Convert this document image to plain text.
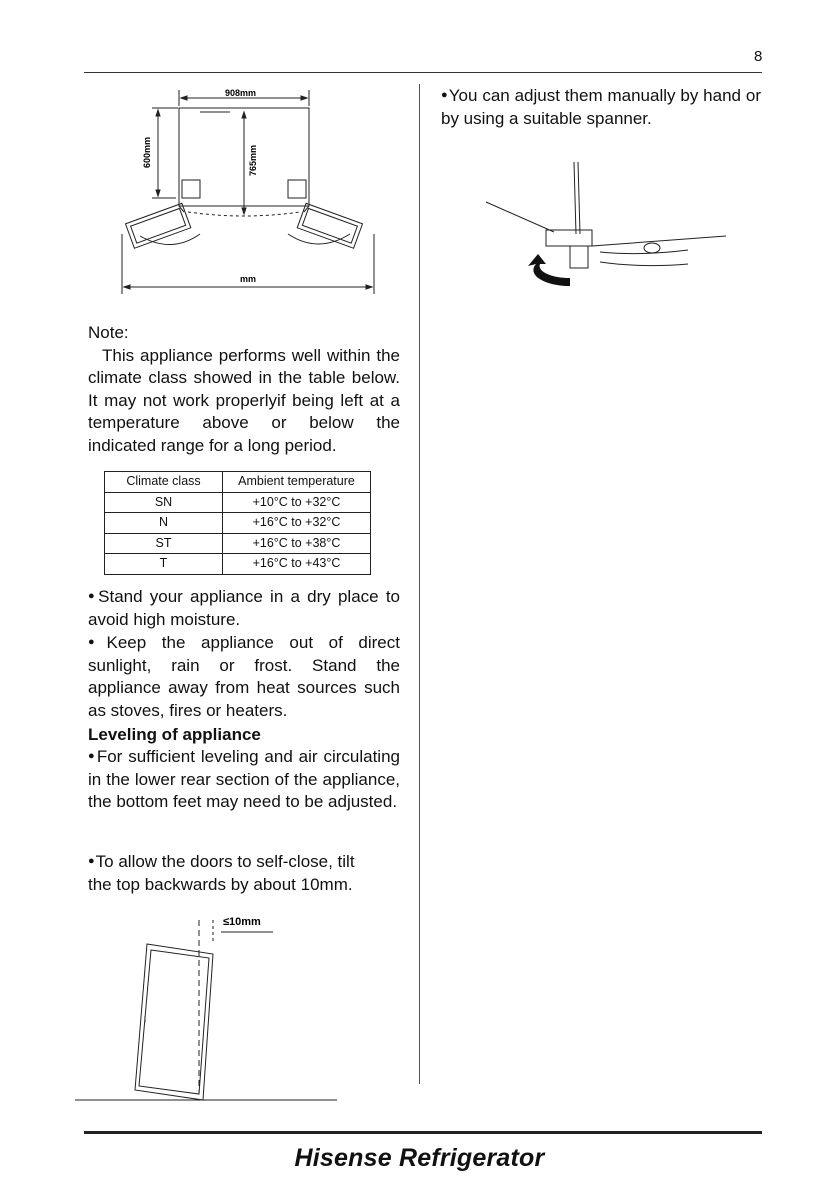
8
908mm
600mm	765mm
mm
Note:
This appliance performs well within the climate class showed in the table below. It may not work properlyif being left at a temperature above or below the indicated range for a long period.
Climate class	Ambient temperature
SN	+10°C to +32°C
N	+16°C to +32°C
ST	+16°C to +38°C
T	+16°C to +43°C

●Stand your appliance in a dry place to avoid high moisture.

●Keep the appliance out of direct sunlight, rain or frost. Stand the appliance away from heat sources such as stoves, fires or heaters.

Leveling of appliance

●For sufficient leveling and air circulating in the lower rear section of the appliance, the bottom feet may need to be adjusted.

●To allow the doors to self-close, tilt the top backwards by about 10mm.

≤10mm

●You can adjust them manually by hand or by using a suitable spanner.

Hisense Refrigerator
